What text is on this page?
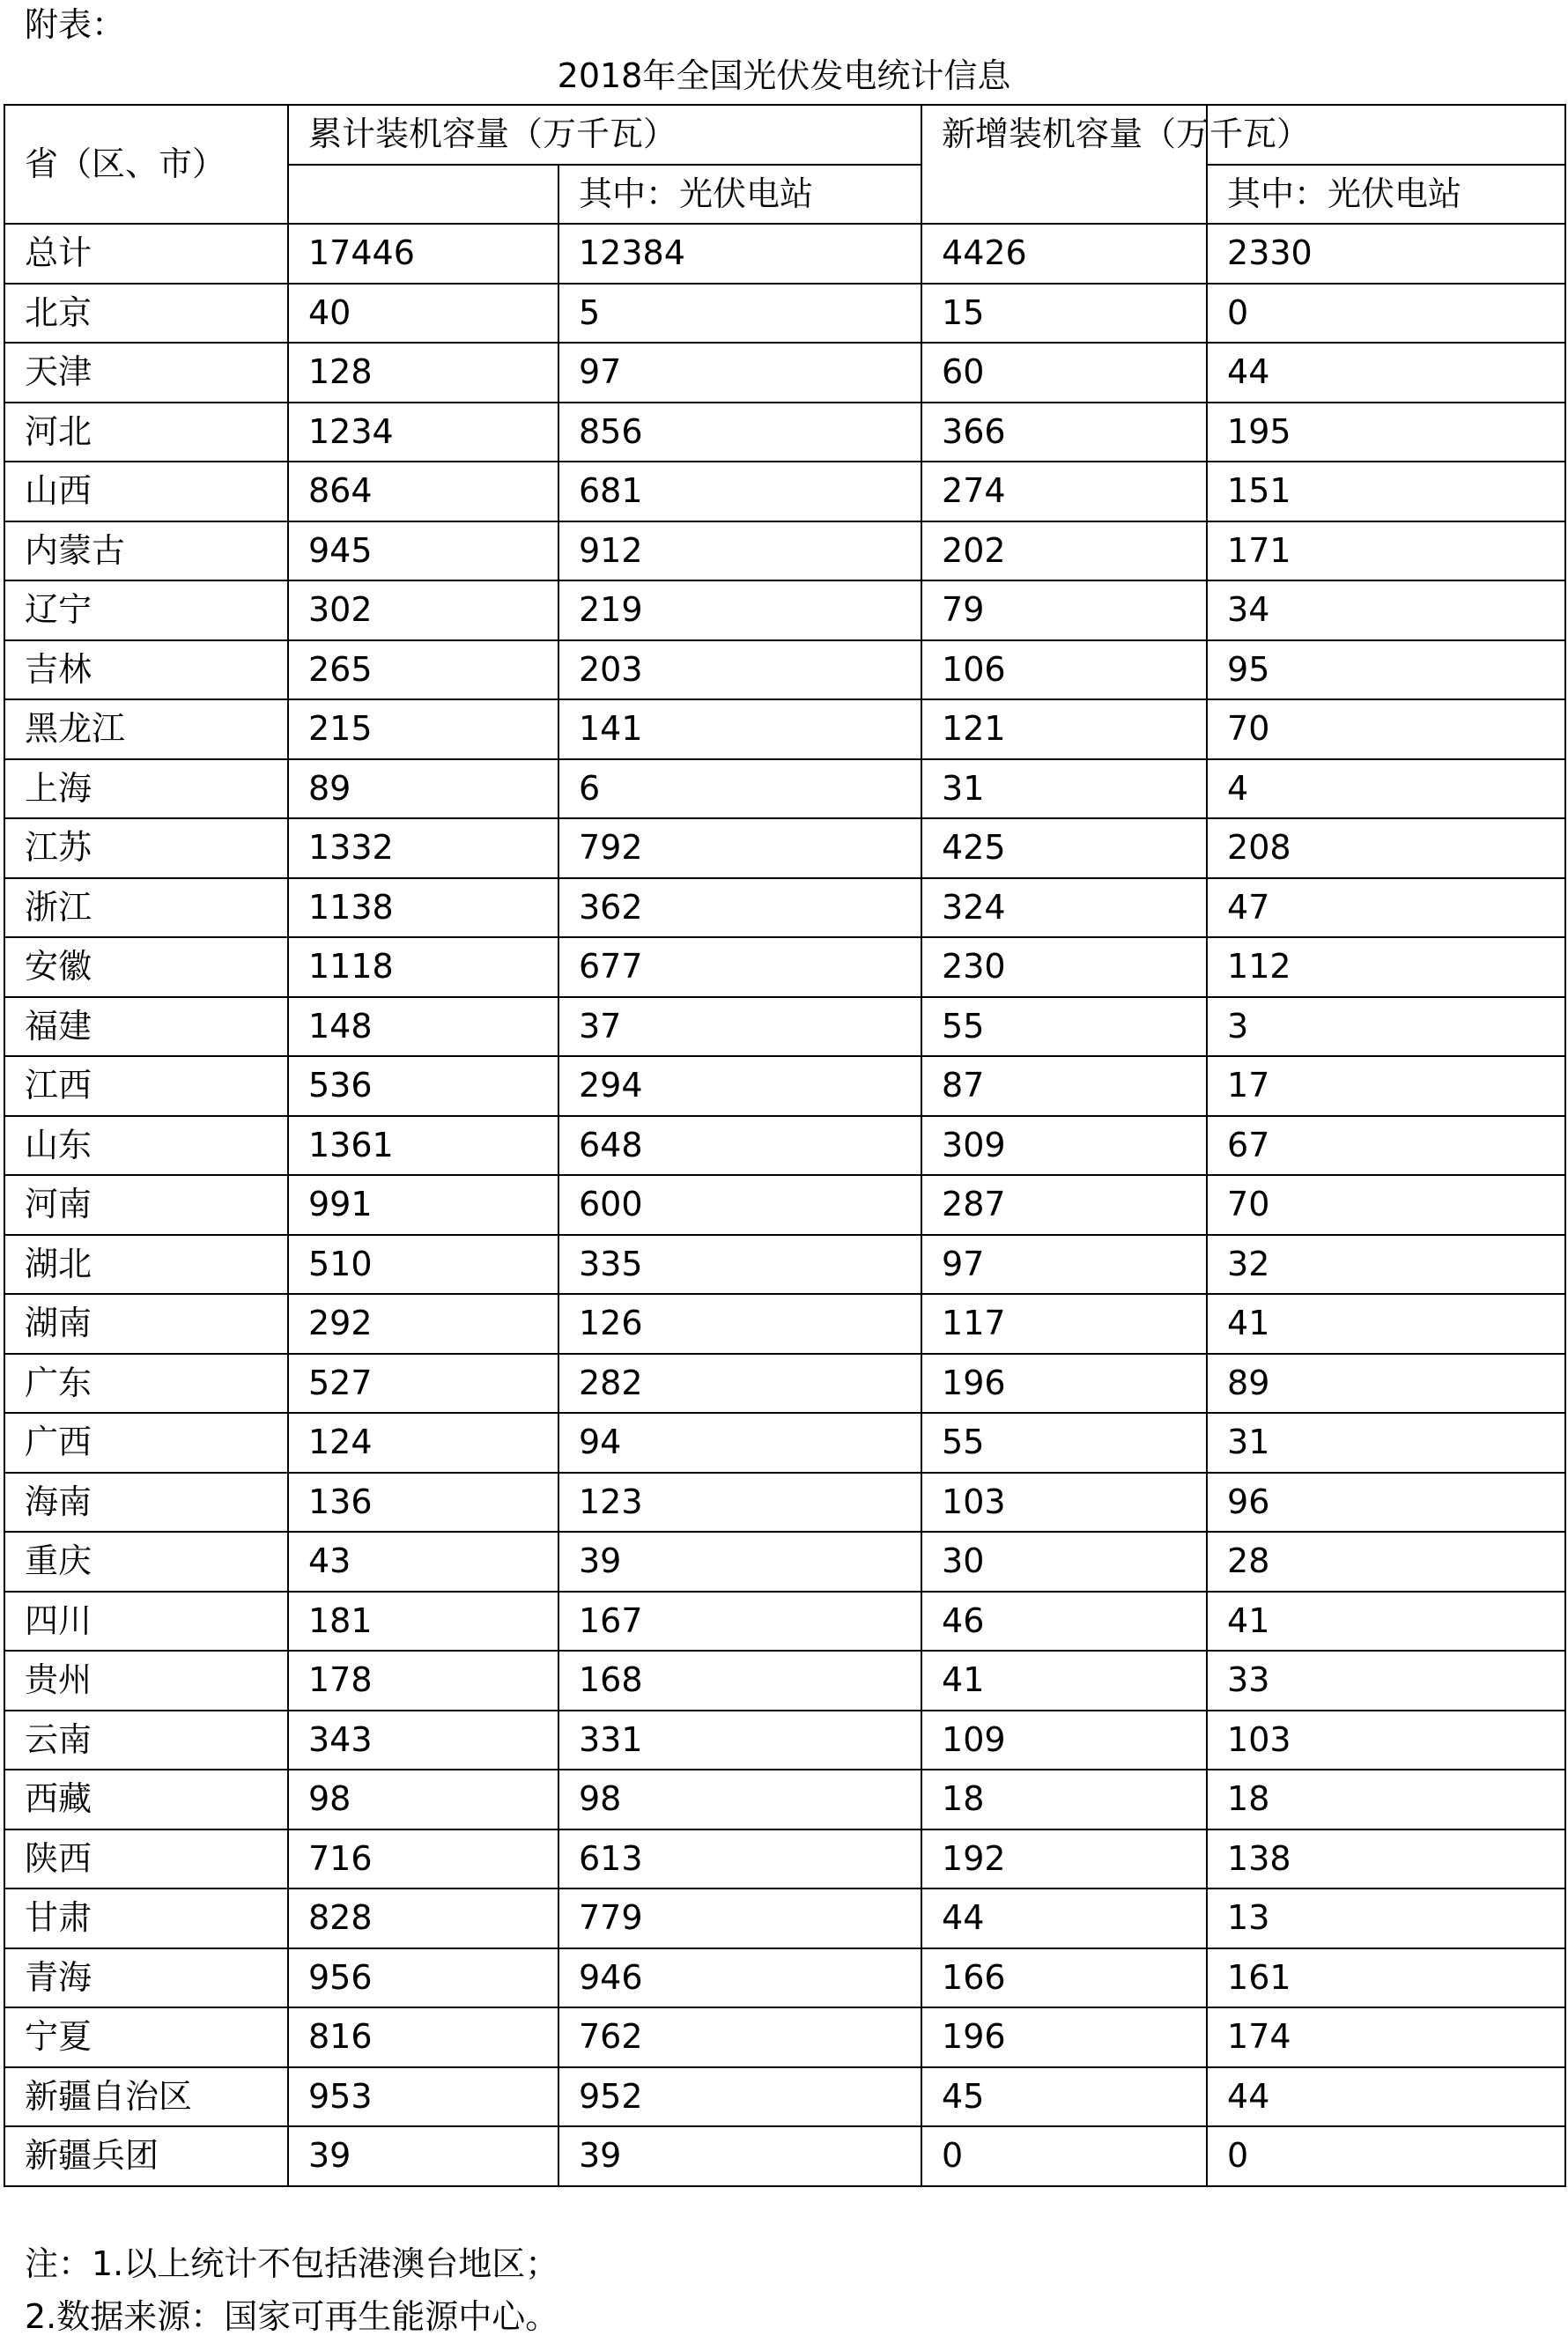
附表：
2018年全国光伏发电统计信息
省（区、市）	累计装机容量（万千瓦）		新增装机容量（万千瓦）	
		其中：光伏电站		其中：光伏电站
总计	17446	12384	4426	2330
北京	40	5	15	0
天津	128	97	60	44
河北	1234	856	366	195
山西	864	681	274	151
内蒙古	945	912	202	171
辽宁	302	219	79	34
吉林	265	203	106	95
黑龙江	215	141	121	70
上海	89	6	31	4
江苏	1332	792	425	208
浙江	1138	362	324	47
安徽	1118	677	230	112
福建	148	37	55	3
江西	536	294	87	17
山东	1361	648	309	67
河南	991	600	287	70
湖北	510	335	97	32
湖南	292	126	117	41
广东	527	282	196	89
广西	124	94	55	31
海南	136	123	103	96
重庆	43	39	30	28
四川	181	167	46	41
贵州	178	168	41	33
云南	343	331	109	103
西藏	98	98	18	18
陕西	716	613	192	138
甘肃	828	779	44	13
青海	956	946	166	161
宁夏	816	762	196	174
新疆自治区	953	952	45	44
新疆兵团	39	39	0	0
注：1.以上统计不包括港澳台地区；
2.数据来源：国家可再生能源中心。
